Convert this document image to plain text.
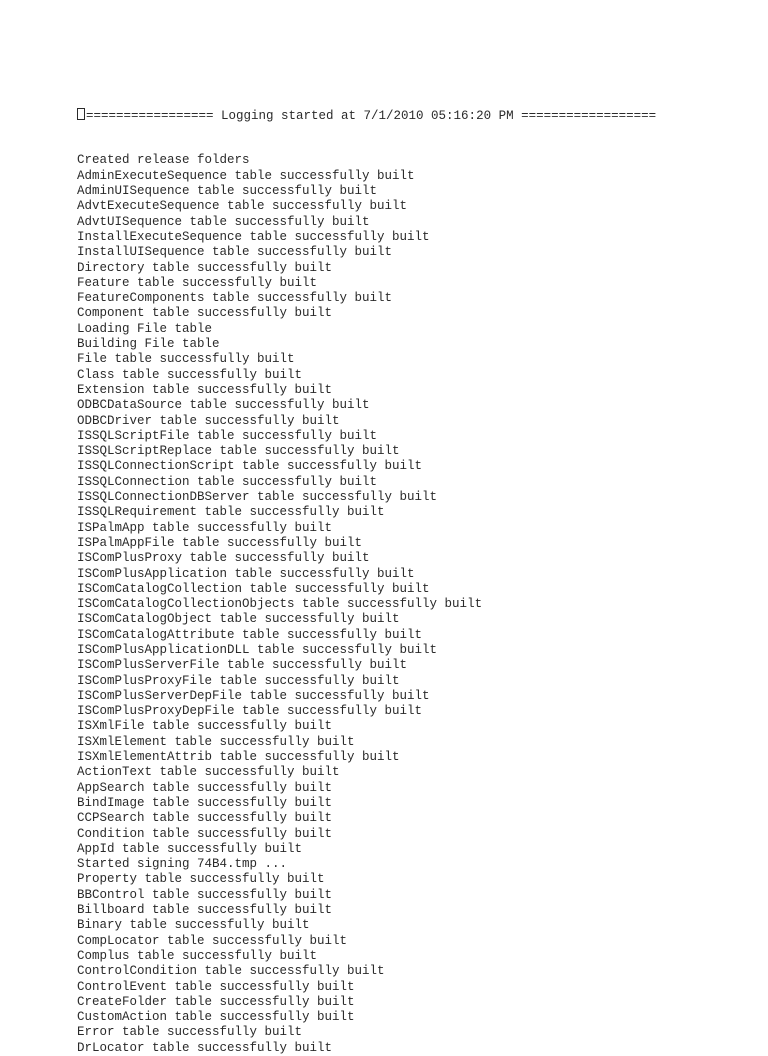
================= Logging started at 7/1/2010 05:16:20 PM ==================

Created release folders
AdminExecuteSequence table successfully built
AdminUISequence table successfully built
AdvtExecuteSequence table successfully built
AdvtUISequence table successfully built
InstallExecuteSequence table successfully built
InstallUISequence table successfully built
Directory table successfully built
Feature table successfully built
FeatureComponents table successfully built
Component table successfully built
Loading File table
Building File table
File table successfully built
Class table successfully built
Extension table successfully built
ODBCDataSource table successfully built
ODBCDriver table successfully built
ISSQLScriptFile table successfully built
ISSQLScriptReplace table successfully built
ISSQLConnectionScript table successfully built
ISSQLConnection table successfully built
ISSQLConnectionDBServer table successfully built
ISSQLRequirement table successfully built
ISPalmApp table successfully built
ISPalmAppFile table successfully built
ISComPlusProxy table successfully built
ISComPlusApplication table successfully built
ISComCatalogCollection table successfully built
ISComCatalogCollectionObjects table successfully built
ISComCatalogObject table successfully built
ISComCatalogAttribute table successfully built
ISComPlusApplicationDLL table successfully built
ISComPlusServerFile table successfully built
ISComPlusProxyFile table successfully built
ISComPlusServerDepFile table successfully built
ISComPlusProxyDepFile table successfully built
ISXmlFile table successfully built
ISXmlElement table successfully built
ISXmlElementAttrib table successfully built
ActionText table successfully built
AppSearch table successfully built
BindImage table successfully built
CCPSearch table successfully built
Condition table successfully built
AppId table successfully built
Started signing 74B4.tmp ...
Property table successfully built
BBControl table successfully built
Billboard table successfully built
Binary table successfully built
CompLocator table successfully built
Complus table successfully built
ControlCondition table successfully built
ControlEvent table successfully built
CreateFolder table successfully built
CustomAction table successfully built
Error table successfully built
DrLocator table successfully built
